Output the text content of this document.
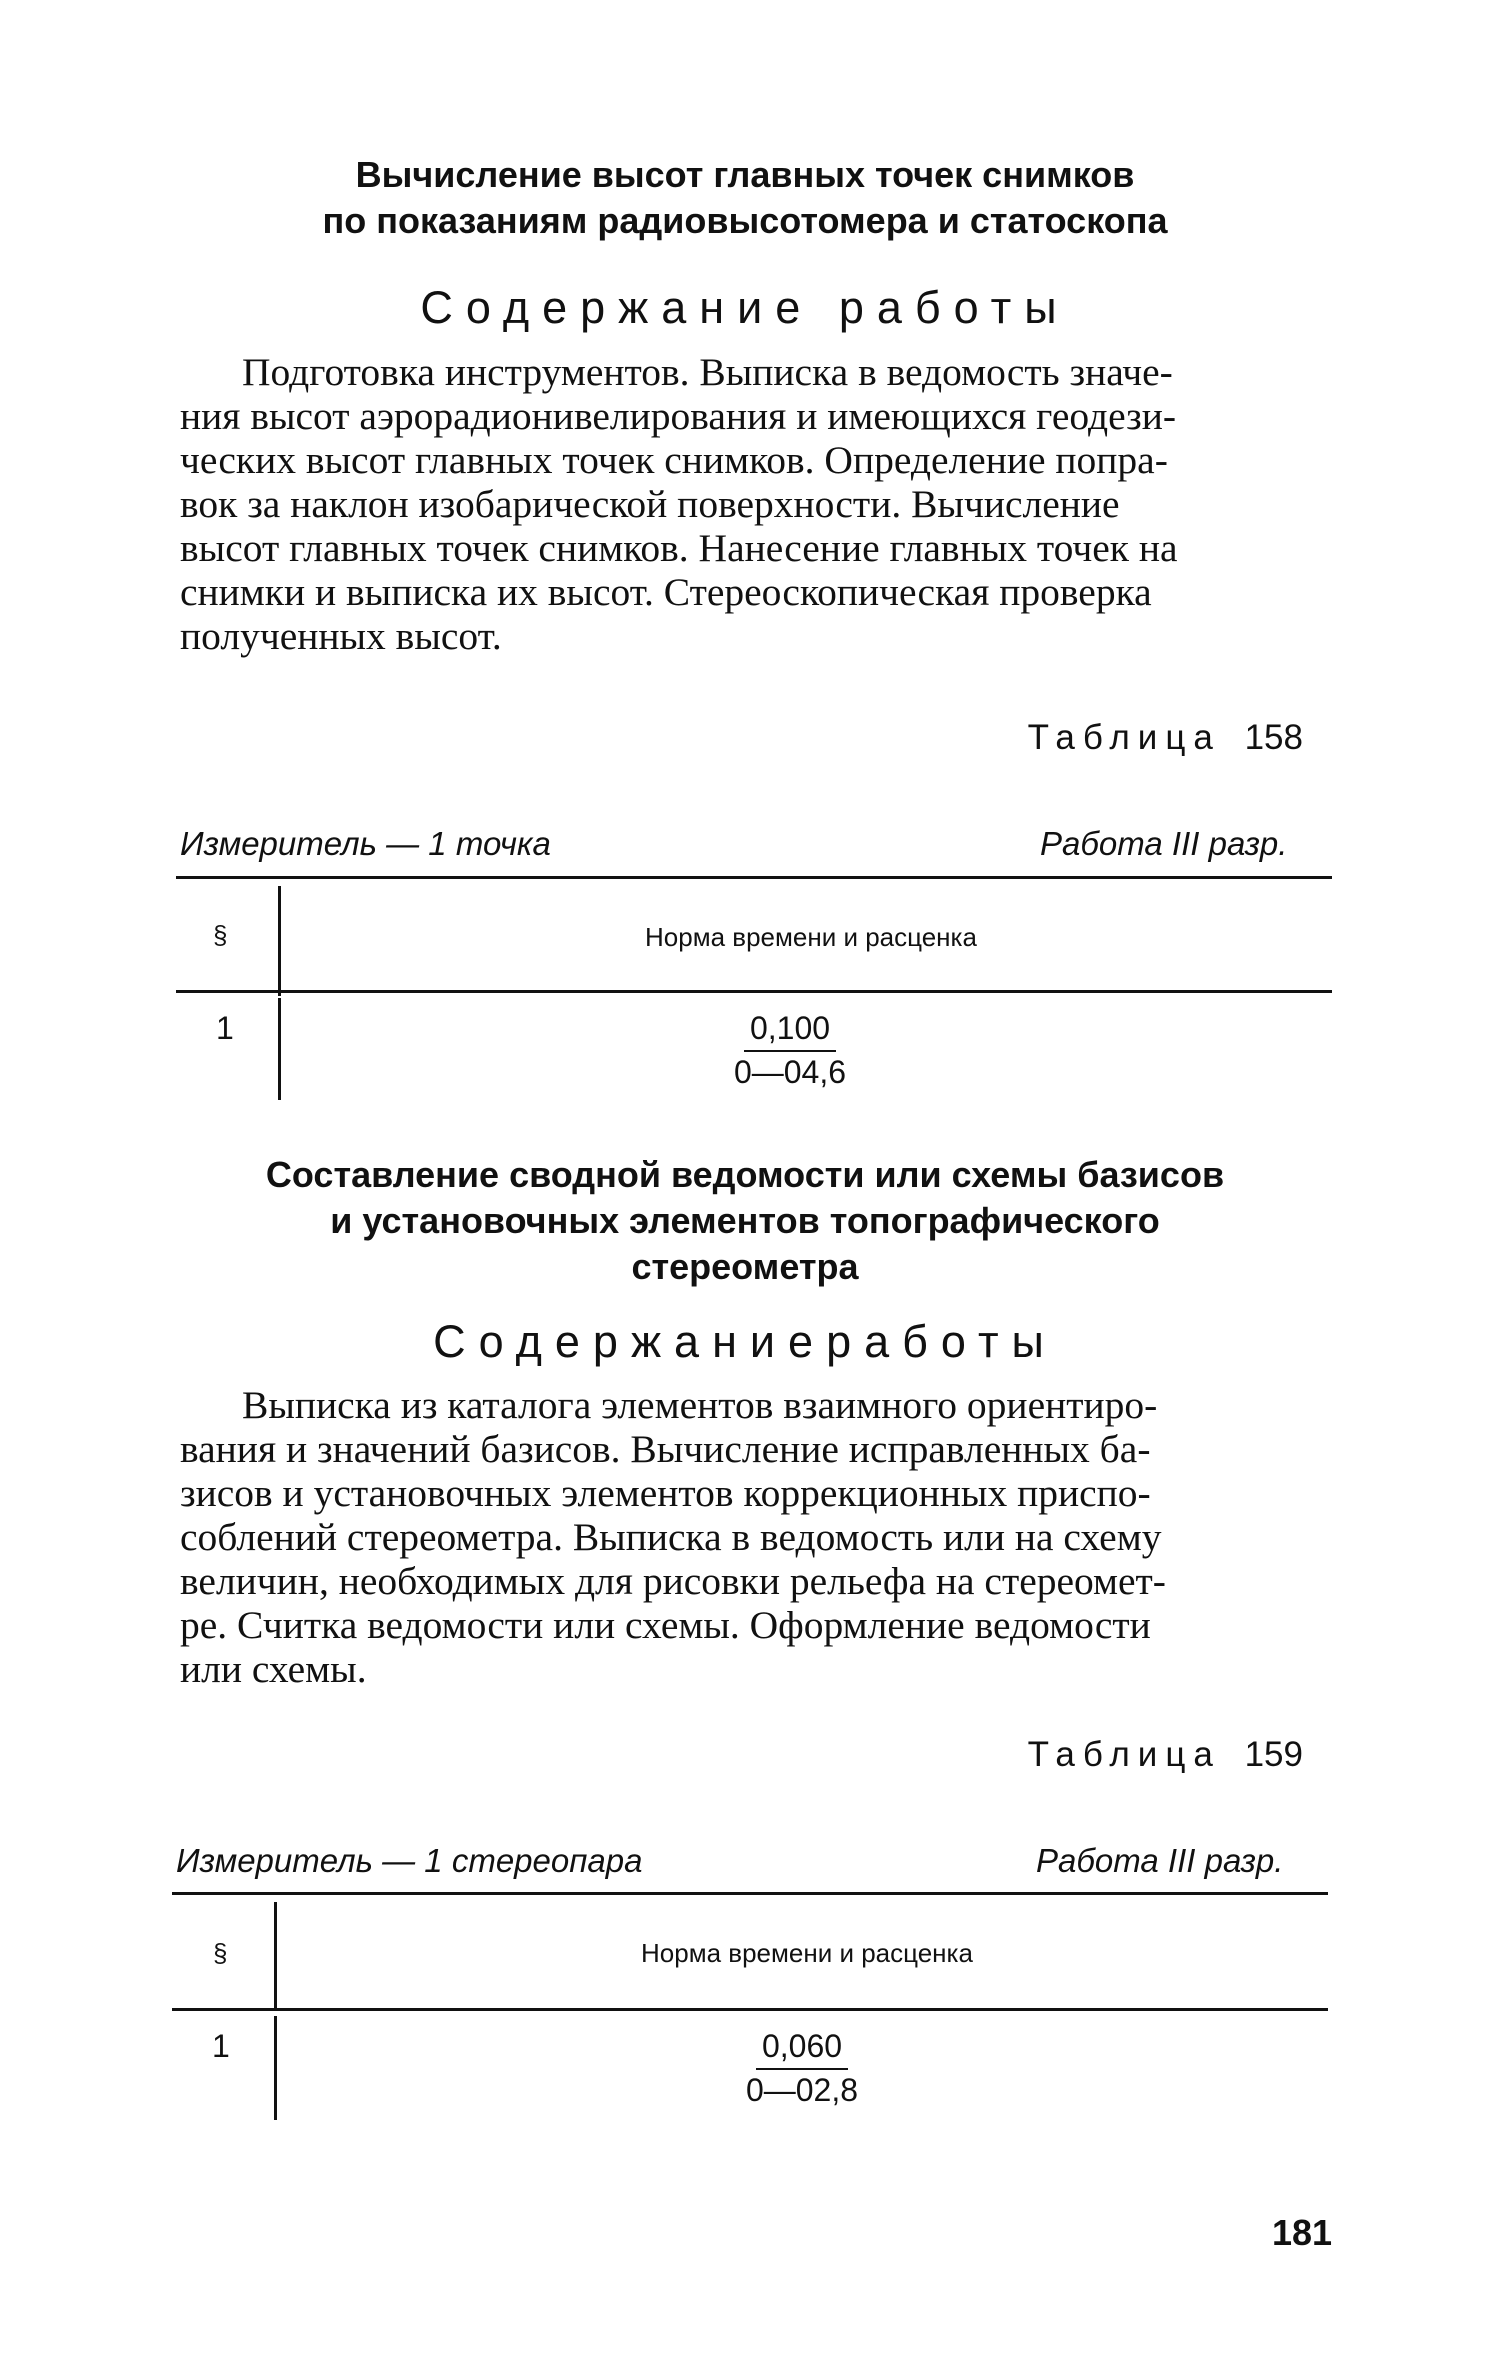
Вычисление высот главных точек снимков
по показаниям радиовысотомера и статоскопа
Содержание работы
Подготовка инструментов. Выписка в ведомость значе-
ния высот аэрорадионивелирования и имеющихся геодези-
ческих высот главных точек снимков. Определение попра-
вок за наклон изобарической поверхности. Вычисление
высот главных точек снимков. Нанесение главных точек на
снимки и выписка их высот. Стереоскопическая проверка
полученных высот.
Таблица 158
Измеритель — 1 точка	Работа III разр.
§	Норма времени и расценка
1	$\frac{0,100}{0—04,6}$
Составление сводной ведомости или схемы базисов
и установочных элементов топографического
стереометра
Содержаниеработы
Выписка из каталога элементов взаимного ориентиро-
вания и значений базисов. Вычисление исправленных ба-
зисов и установочных элементов коррекционных приспо-
соблений стереометра. Выписка в ведомость или на схему
величин, необходимых для рисовки рельефа на стереомет-
ре. Считка ведомости или схемы. Оформление ведомости
или схемы.
Таблица 159
Измеритель — 1 стереопара	Работа III разр.
§	Норма времени и расценка
1	$\frac{0,060}{0—02,8}$
181
